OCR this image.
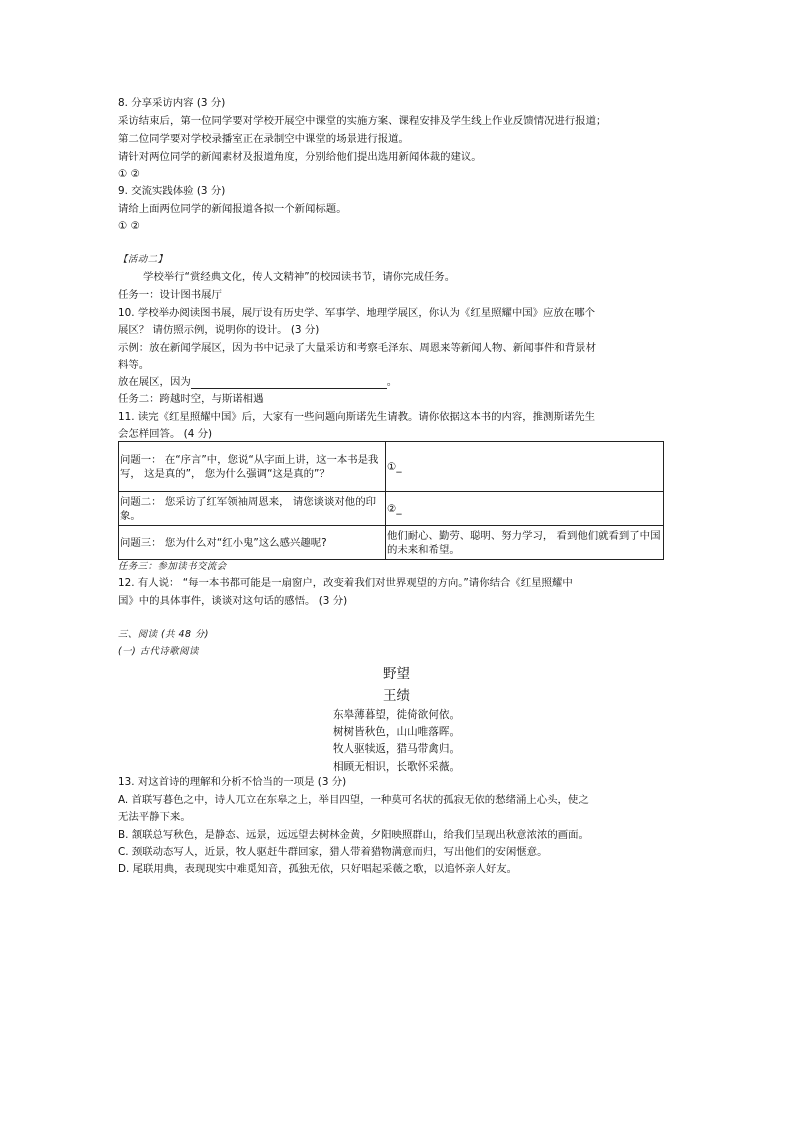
8. 分享采访内容 (3 分)
采访结束后，第一位同学要对学校开展空中课堂的实施方案、课程安排及学生线上作业反馈情况进行报道；
第二位同学要对学校录播室正在录制空中课堂的场景进行报道。
请针对两位同学的新闻素材及报道角度，分别给他们提出选用新闻体裁的建议。
① ②
9. 交流实践体验 (3 分)
请给上面两位同学的新闻报道各拟一个新闻标题。
① ②
【活动二】
学校举行“赏经典文化，传人文精神”的校园读书节，请你完成任务。
任务一：设计图书展厅
10. 学校举办阅读图书展，展厅设有历史学、军事学、地理学展区，你认为《红星照耀中国》应放在哪个
展区？ 请仿照示例，说明你的设计。 (3 分)
示例：放在新闻学展区，因为书中记录了大量采访和考察毛泽东、周恩来等新闻人物、新闻事件和背景材
料等。
放在展区，因为	。
任务二：跨越时空，与斯诺相遇
11. 读完《红星照耀中国》后，大家有一些问题向斯诺先生请教。请你依据这本书的内容，推测斯诺先生
会怎样回答。 (4 分)
问题一： 在“序言”中，您说“从字面上讲，这一本书是我写， 这是真的”， 您为什么强调“这是真的”？	①_
问题二： 您采访了红军领袖周恩来， 请您谈谈对他的印象。	②_
问题三： 您为什么对“红小鬼”这么感兴趣呢?	他们耐心、勤劳、聪明、努力学习， 看到他们就看到了中国的未来和希望。
任务三：参加读书交流会
12. 有人说： “每一本书都可能是一扇窗户，改变着我们对世界观望的方向。”请你结合《红星照耀中
国》中的具体事件，谈谈对这句话的感悟。 (3 分)
三、阅读 (共 48 分)
(一) 古代诗歌阅读
野望
王绩
东皋薄暮望，徙倚欲何依。
树树皆秋色，山山唯落晖。
牧人驱犊返，猎马带禽归。
相顾无相识，长歌怀采薇。
13. 对这首诗的理解和分析不恰当的一项是 (3 分)
A. 首联写暮色之中，诗人兀立在东皋之上，举目四望，一种莫可名状的孤寂无依的愁绪涌上心头，使之
无法平静下来。
B. 颔联总写秋色，是静态、远景，远远望去树林金黄，夕阳映照群山，给我们呈现出秋意浓浓的画面。
C. 颈联动态写人，近景，牧人驱赶牛群回家，猎人带着猎物满意而归，写出他们的安闲惬意。
D. 尾联用典，表现现实中难觅知音，孤独无依，只好唱起采薇之歌，以追怀亲人好友。
